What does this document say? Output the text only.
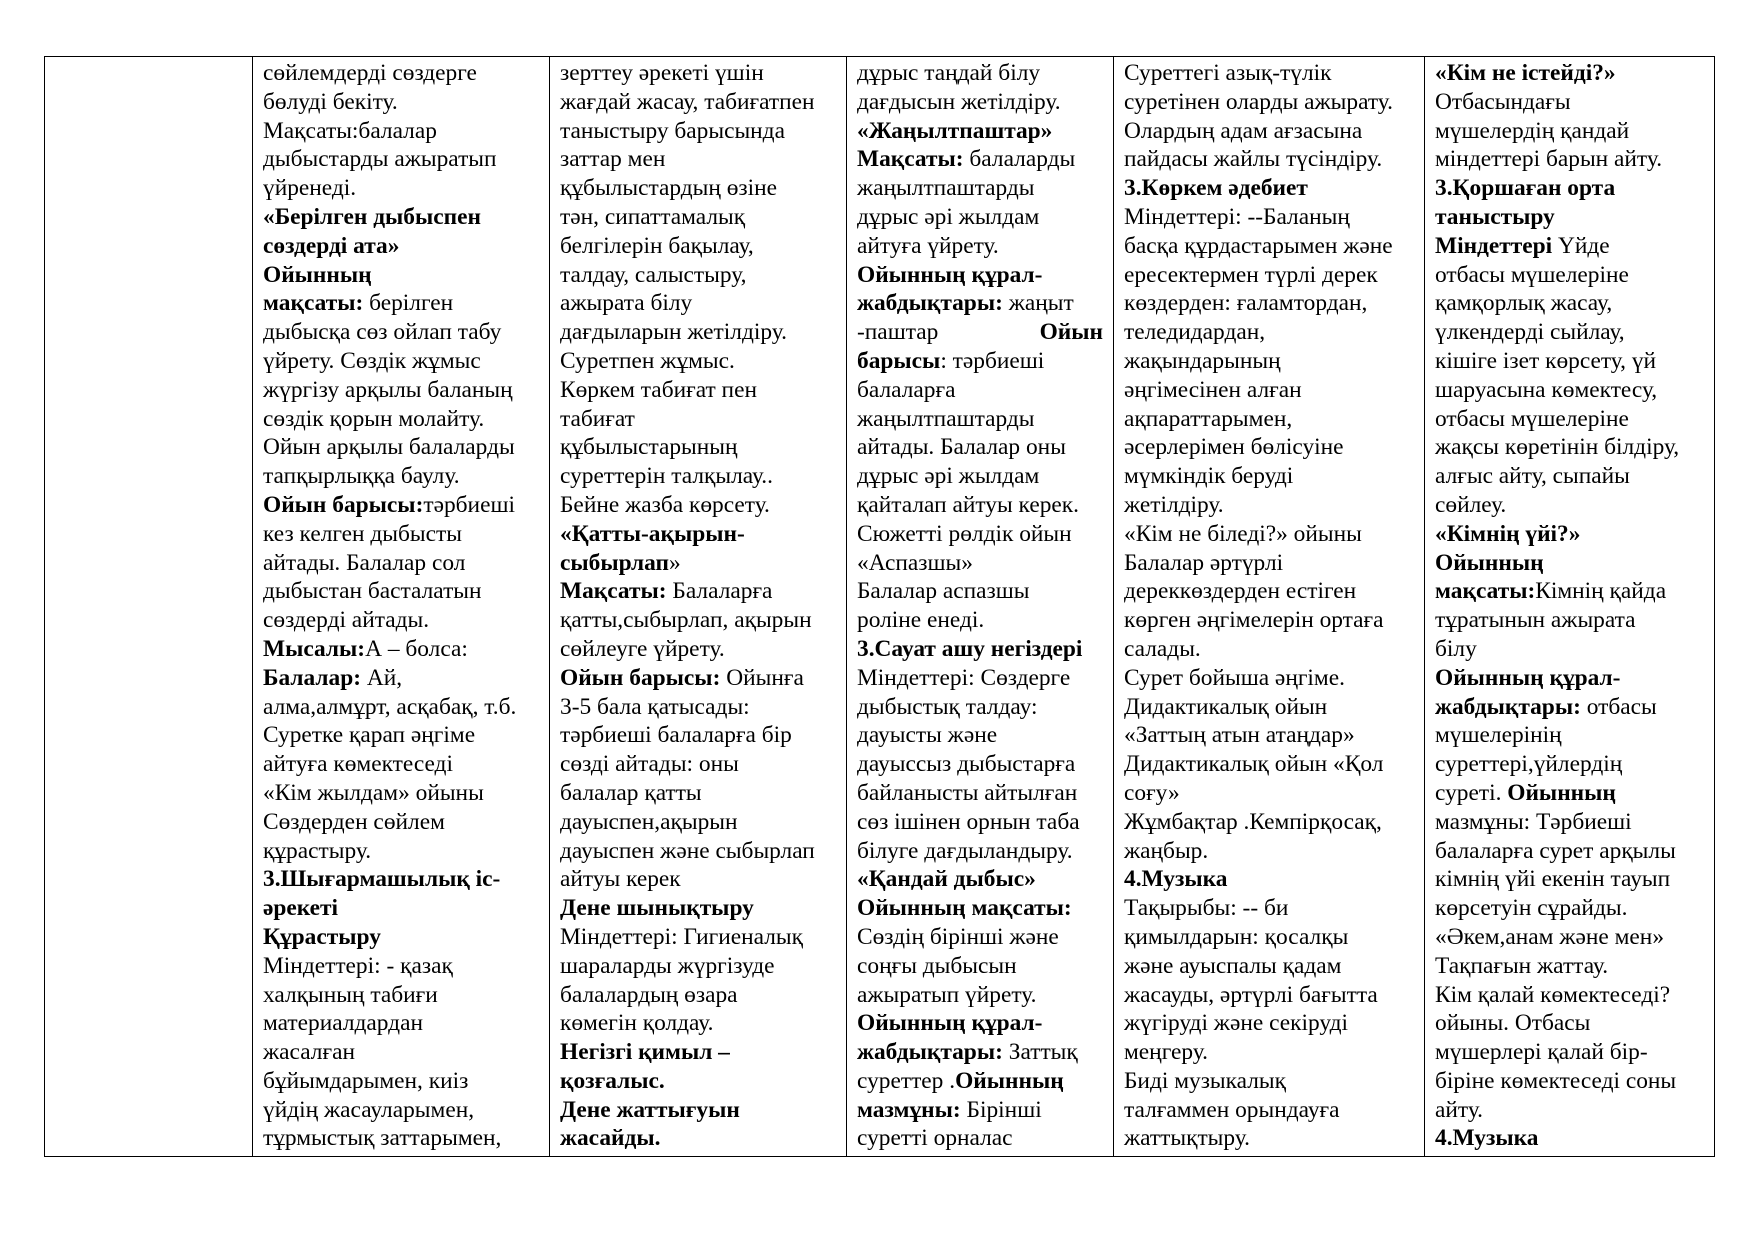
сөйлемдерді сөздерге
бөлуді бекіту.
Мақсаты:балалар
дыбыстарды ажыратып
үйренеді.
«Берілген дыбыспен
сөздерді ата»
Ойынның
мақсаты: берілген
дыбысқа сөз ойлап табу
үйрету. Сөздік жұмыс
жүргізу арқылы баланың
сөздік қорын молайту.
Ойын арқылы балаларды
тапқырлыққа баулу.
Ойын барысы:тәрбиеші
кез келген дыбысты
айтады. Балалар сол
дыбыстан басталатын
сөздерді айтады.
Мысалы:А – болса:
Балалар: Ай,
алма,алмұрт, асқабақ, т.б.
Суретке қарап әңгіме
айтуға көмектеседі
«Кім жылдам» ойыны
Сөздерден сөйлем
құрастыру.
3.Шығармашылық іс-
әрекеті
Құрастыру
Міндеттері: - қазақ
халқының табиғи
материалдардан
жасалған
бұйымдарымен, киіз
үйдің жасауларымен,
тұрмыстық заттарымен,

зерттеу әрекеті үшін
жағдай жасау, табиғатпен
таныстыру барысында
заттар мен
құбылыстардың өзіне
тән, сипаттамалық
белгілерін бақылау,
талдау, салыстыру,
ажырата білу
дағдыларын жетілдіру.
Суретпен жұмыс.
Көркем табиғат пен
табиғат
құбылыстарының
суреттерін талқылау..
Бейне жазба көрсету.
«Қатты-ақырын-
сыбырлап»
Мақсаты: Балаларға
қатты,сыбырлап, ақырын
сөйлеуге үйрету.
Ойын барысы: Ойынға
3-5 бала қатысады:
тәрбиеші балаларға бір
сөзді айтады: оны
балалар қатты
дауыспен,ақырын
дауыспен және сыбырлап
айтуы керек
Дене шынықтыру
Міндеттері: Гигиеналық
шараларды жүргізуде
балалардың өзара
көмегін қолдау.
Негізгі қимыл –
қозғалыс.
Дене жаттығуын
жасайды.

дұрыс таңдай білу
дағдысын жетілдіру.
«Жаңылтпаштар»
Мақсаты: балаларды
жаңылтпаштарды
дұрыс әрі жылдам
айтуға үйрету.
Ойынның құрал-
жабдықтары: жаңыт
-паштар Ойын
барысы: тәрбиеші
балаларға
жаңылтпаштарды
айтады. Балалар оны
дұрыс әрі жылдам
қайталап айтуы керек.
Сюжетті рөлдік ойын
«Аспазшы»
Балалар аспазшы
роліне енеді.
3.Сауат ашу негіздері
Міндеттері: Сөздерге
дыбыстық талдау:
дауысты және
дауыссыз дыбыстарға
байланысты айтылған
сөз ішінен орнын таба
білуге дағдыландыру.
«Қандай дыбыс»
Ойынның мақсаты:
Сөздің бірінші және
соңғы дыбысын
ажыратып үйрету.
Ойынның құрал-
жабдықтары: Заттық
суреттер .Ойынның
мазмұны: Бірінші
суретті орналас

Суреттегі азық-түлік
суретінен оларды ажырату.
Олардың адам ағзасына
пайдасы жайлы түсіндіру.
3.Көркем әдебиет
Міндеттері: --Баланың
басқа құрдастарымен және
ересектермен түрлі дерек
көздерден: ғаламтордан,
теледидардан,
жақындарының
әңгімесінен алған
ақпараттарымен,
әсерлерімен бөлісуіне
мүмкіндік беруді
жетілдіру.
«Кім не біледі?» ойыны
Балалар әртүрлі
дереккөздерден естіген
көрген әңгімелерін ортаға
салады.
Сурет бойыша әңгіме.
Дидактикалық ойын
«Заттың атын атаңдар»
Дидактикалық ойын «Қол
соғу»
Жұмбақтар .Кемпірқосақ,
жаңбыр.
4.Музыка
Тақырыбы: -- би
қимылдарын: қосалқы
және ауыспалы қадам
жасауды, әртүрлі бағытта
жүгіруді және секіруді
меңгеру.
Биді музыкалық
талғаммен орындауға
жаттықтыру.

«Кім не істейді?»
Отбасындағы
мүшелердің қандай
міндеттері барын айту.
3.Қоршаған орта
таныстыру
Міндеттері Үйде
отбасы мүшелеріне
қамқорлық жасау,
үлкендерді сыйлау,
кішіге ізет көрсету, үй
шаруасына көмектесу,
отбасы мүшелеріне
жақсы көретінін білдіру,
алғыс айту, сыпайы
сөйлеу.
«Кімнің үйі?»
Ойынның
мақсаты:Кімнің қайда
тұратынын ажырата
білу
Ойынның құрал-
жабдықтары: отбасы
мүшелерінің
суреттері,үйлердің
суреті. Ойынның
мазмұны: Тәрбиеші
балаларға сурет арқылы
кімнің үйі екенін тауып
көрсетуін сұрайды.
«Әкем,анам және мен»
Тақпағын жаттау.
Кім қалай көмектеседі?
ойыны. Отбасы
мүшерлері қалай бір-
біріне көмектеседі соны
айту.
4.Музыка
